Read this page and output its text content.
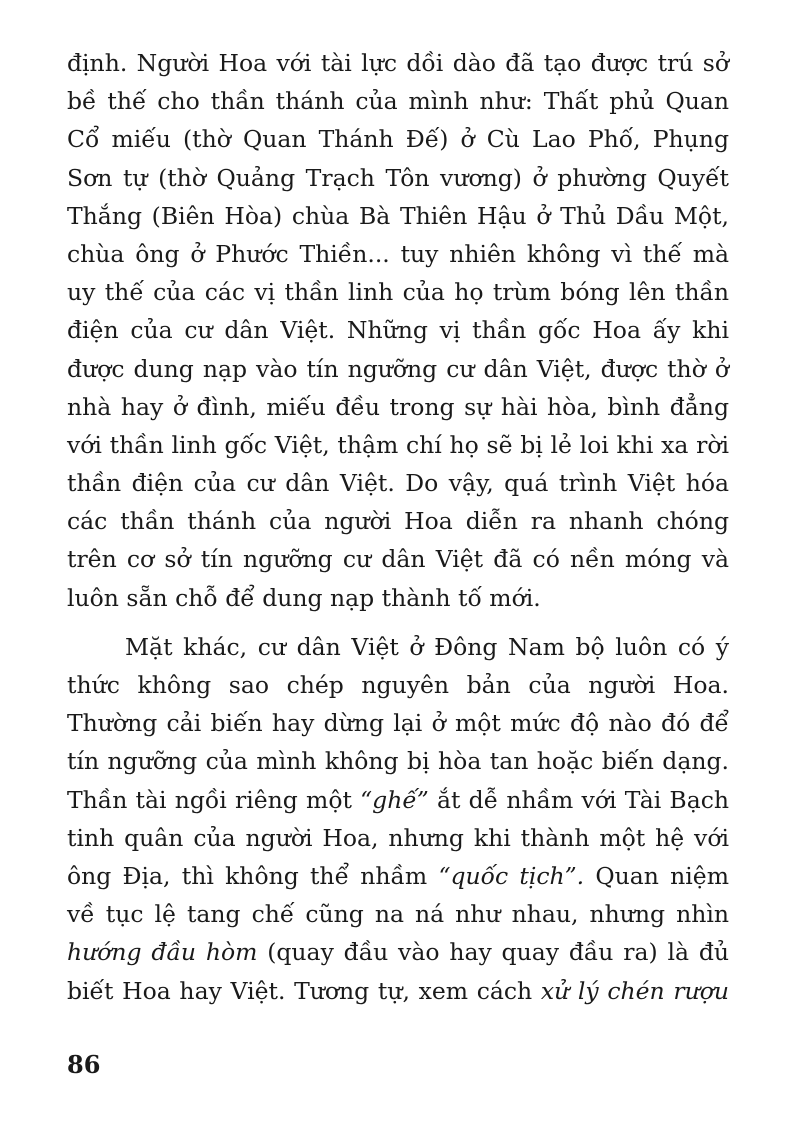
định. Người Hoa với tài lực dồi dào đã tạo được trú sở
bề thế cho thần thánh của mình như: Thất phủ Quan
Cổ miếu (thờ Quan Thánh Đế) ở Cù Lao Phố, Phụng
Sơn tự (thờ Quảng Trạch Tôn vương) ở phường Quyết
Thắng (Biên Hòa) chùa Bà Thiên Hậu ở Thủ Dầu Một,
chùa ông ở Phước Thiền... tuy nhiên không vì thế mà
uy thế của các vị thần linh của họ trùm bóng lên thần
điện của cư dân Việt. Những vị thần gốc Hoa ấy khi
được dung nạp vào tín ngưỡng cư dân Việt, được thờ ở
nhà hay ở đình, miếu đều trong sự hài hòa, bình đẳng
với thần linh gốc Việt, thậm chí họ sẽ bị lẻ loi khi xa rời
thần điện của cư dân Việt. Do vậy, quá trình Việt hóa
các thần thánh của người Hoa diễn ra nhanh chóng
trên cơ sở tín ngưỡng cư dân Việt đã có nền móng và
luôn sẵn chỗ để dung nạp thành tố mới.
Mặt khác, cư dân Việt ở Đông Nam bộ luôn có ý
thức không sao chép nguyên bản của người Hoa.
Thường cải biến hay dừng lại ở một mức độ nào đó để
tín ngưỡng của mình không bị hòa tan hoặc biến dạng.
Thần tài ngồi riêng một “ghế” ắt dễ nhầm với Tài Bạch
tinh quân của người Hoa, nhưng khi thành một hệ với
ông Địa, thì không thể nhầm “quốc tịch”. Quan niệm
về tục lệ tang chế cũng na ná như nhau, nhưng nhìn
hướng đầu hòm (quay đầu vào hay quay đầu ra) là đủ
biết Hoa hay Việt. Tương tự, xem cách xử lý chén rượu
86
